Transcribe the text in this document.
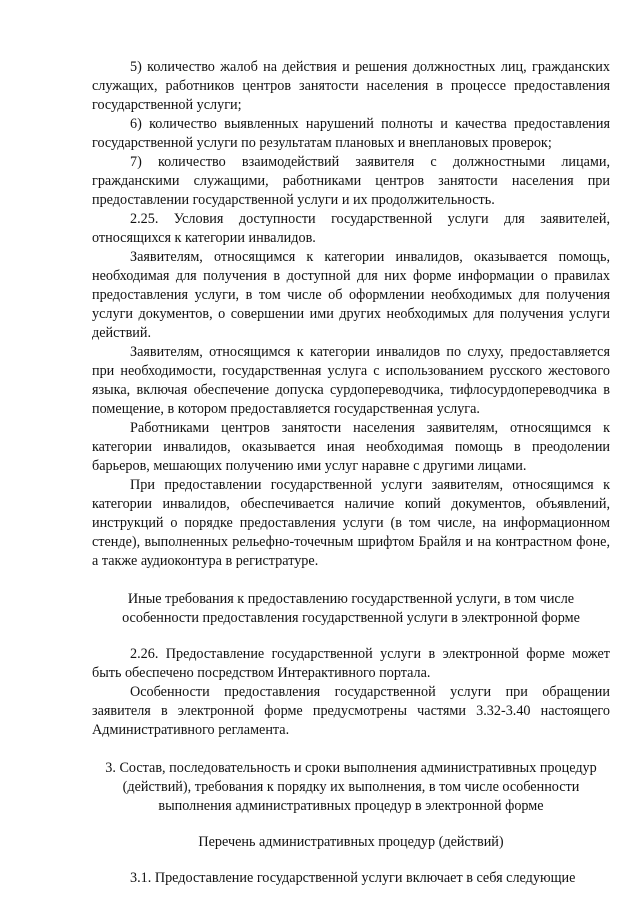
5) количество жалоб на действия и решения должностных лиц, гражданских служащих, работников центров занятости населения в процессе предоставления государственной услуги;

6) количество выявленных нарушений полноты и качества предоставления государственной услуги по результатам плановых и внеплановых проверок;

7) количество взаимодействий заявителя с должностными лицами, гражданскими служащими, работниками центров занятости населения при предоставлении государственной услуги и их продолжительность.

2.25. Условия доступности государственной услуги для заявителей, относящихся к категории инвалидов.

Заявителям, относящимся к категории инвалидов, оказывается помощь, необходимая для получения в доступной для них форме информации о правилах предоставления услуги, в том числе об оформлении необходимых для получения услуги документов, о совершении ими других необходимых для получения услуги действий.

Заявителям, относящимся к категории инвалидов по слуху, предоставляется при необходимости, государственная услуга с использованием русского жестового языка, включая обеспечение допуска сурдопереводчика, тифлосурдопереводчика в помещение, в котором предоставляется государственная услуга.

Работниками центров занятости населения заявителям, относящимся к категории инвалидов, оказывается иная необходимая помощь в преодолении барьеров, мешающих получению ими услуг наравне с другими лицами.

При предоставлении государственной услуги заявителям, относящимся к категории инвалидов, обеспечивается наличие копий документов, объявлений, инструкций о порядке предоставления услуги (в том числе, на информационном стенде), выполненных рельефно-точечным шрифтом Брайля и на контрастном фоне, а также аудиоконтура в регистратуре.

Иные требования к предоставлению государственной услуги, в том числе особенности предоставления государственной услуги в электронной форме

2.26. Предоставление государственной услуги в электронной форме может быть обеспечено посредством Интерактивного портала.

Особенности предоставления государственной услуги при обращении заявителя в электронной форме предусмотрены частями 3.32-3.40 настоящего Административного регламента.

3. Состав, последовательность и сроки выполнения административных процедур (действий), требования к порядку их выполнения, в том числе особенности выполнения административных процедур в электронной форме

Перечень административных процедур (действий)

3.1. Предоставление государственной услуги включает в себя следующие
